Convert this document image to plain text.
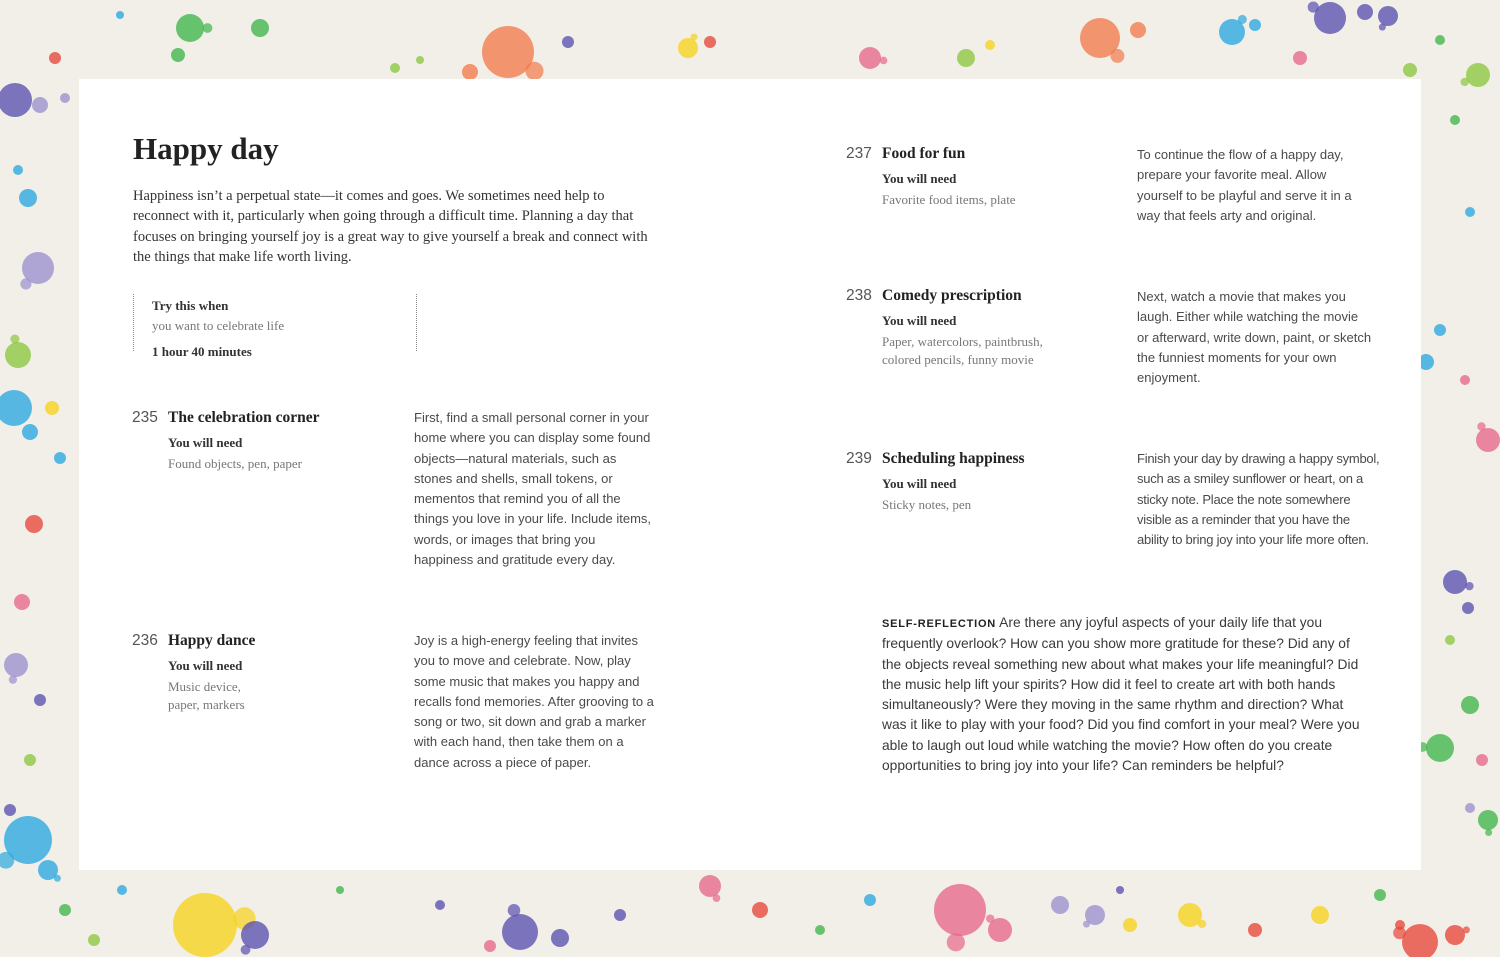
Happy day

Happiness isn’t a perpetual state—it comes and goes. We sometimes need help to reconnect with it, particularly when going through a difficult time. Planning a day that focuses on bringing yourself joy is a great way to give yourself a break and connect with the things that make life worth living.

Try this when
you want to celebrate life
1 hour 40 minutes
235 The celebration corner
You will need
Found objects, pen, paper
First, find a small personal corner in your home where you can display some found objects—natural materials, such as stones and shells, small tokens, or mementos that remind you of all the things you love in your life. Include items, words, or images that bring you happiness and gratitude every day.
236 Happy dance
You will need
Music device, paper, markers
Joy is a high-energy feeling that invites you to move and celebrate. Now, play some music that makes you happy and recalls fond memories. After grooving to a song or two, sit down and grab a marker with each hand, then take them on a dance across a piece of paper.
237 Food for fun
You will need
Favorite food items, plate
To continue the flow of a happy day, prepare your favorite meal. Allow yourself to be playful and serve it in a way that feels arty and original.
238 Comedy prescription
You will need
Paper, watercolors, paintbrush, colored pencils, funny movie
Next, watch a movie that makes you laugh. Either while watching the movie or afterward, write down, paint, or sketch the funniest moments for your own enjoyment.
239 Scheduling happiness
You will need
Sticky notes, pen
Finish your day by drawing a happy symbol, such as a smiley sunflower or heart, on a sticky note. Place the note somewhere visible as a reminder that you have the ability to bring joy into your life more often.

SELF-REFLECTION Are there any joyful aspects of your daily life that you frequently overlook? How can you show more gratitude for these? Did any of the objects reveal something new about what makes your life meaningful? Did the music help lift your spirits? How did it feel to create art with both hands simultaneously? Were they moving in the same rhythm and direction? What was it like to play with your food? Did you find comfort in your meal? Were you able to laugh out loud while watching the movie? How often do you create opportunities to bring joy into your life? Can reminders be helpful?
